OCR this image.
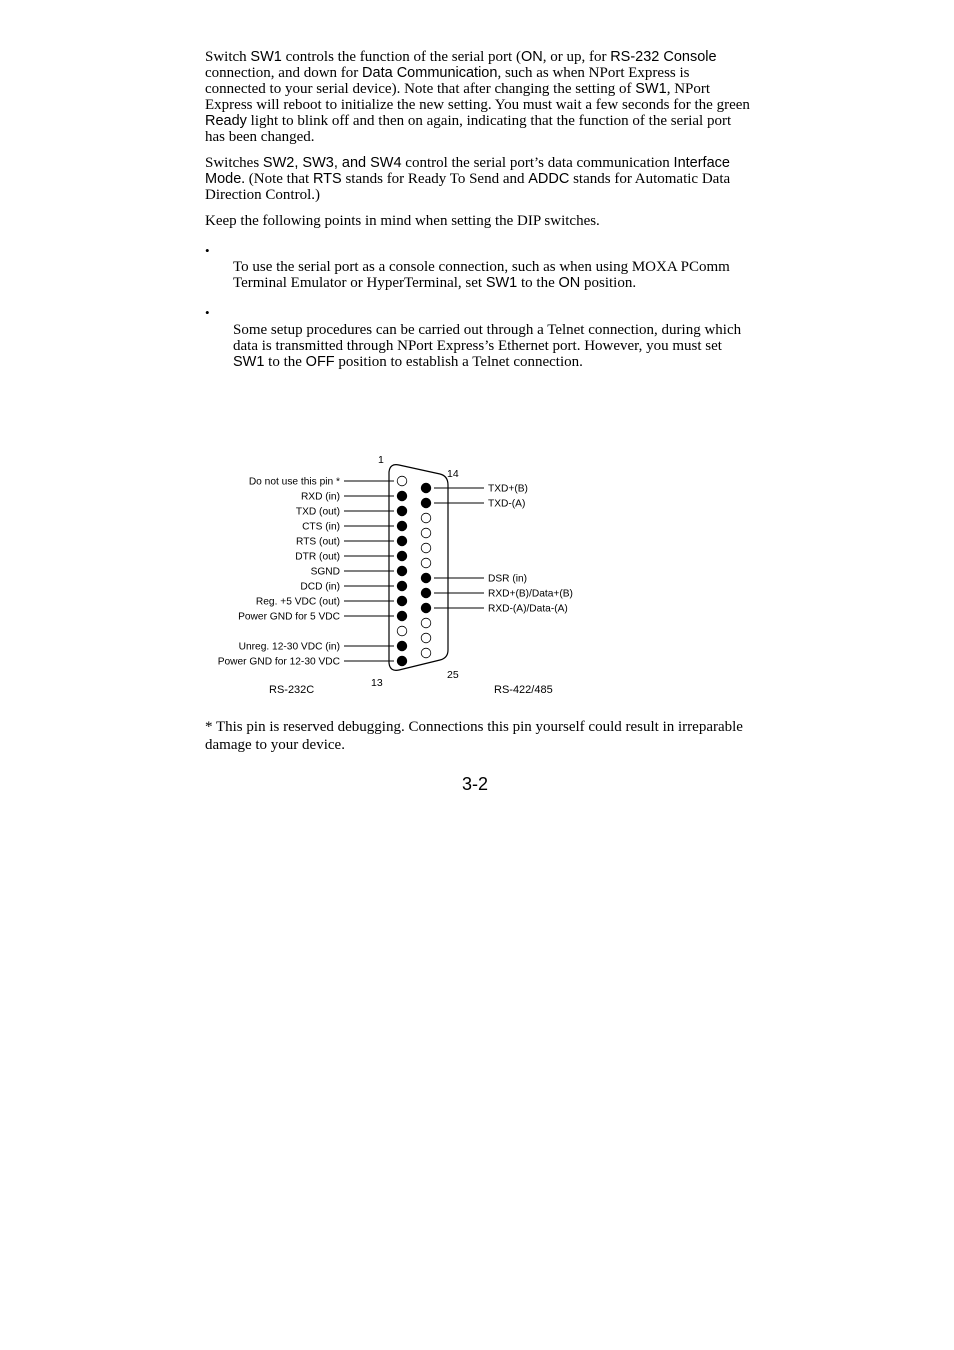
Switch SW1 controls the function of the serial port (ON, or up, for RS-232 Console connection, and down for Data Communication, such as when NPort Express is connected to your serial device). Note that after changing the setting of SW1, NPort Express will reboot to initialize the new setting. You must wait a few seconds for the green Ready light to blink off and then on again, indicating that the function of the serial port has been changed.
Switches SW2, SW3, and SW4 control the serial port’s data communication Interface Mode. (Note that RTS stands for Ready To Send and ADDC stands for Automatic Data Direction Control.)
Keep the following points in mind when setting the DIP switches.
•
To use the serial port as a console connection, such as when using MOXA PComm Terminal Emulator or HyperTerminal, set SW1 to the ON position.
•
Some setup procedures can be carried out through a Telnet connection, during which data is transmitted through NPort Express’s Ethernet port. However, you must set SW1 to the OFF position to establish a Telnet connection.
1
14
13
25
RS-232C	RS-422/485
Do not use this pin *
RXD (in)
TXD (out)
CTS (in)
RTS (out)
DTR (out)
SGND
DCD (in)
Reg. +5 VDC (out)
Power GND for 5 VDC
Unreg. 12-30 VDC (in)
Power GND for 12-30 VDC
TXD+(B)
TXD-(A)
DSR (in)
RXD+(B)/Data+(B)
RXD-(A)/Data-(A)
* This pin is reserved debugging. Connections this pin yourself could result in irreparable damage to your device.
3-2
